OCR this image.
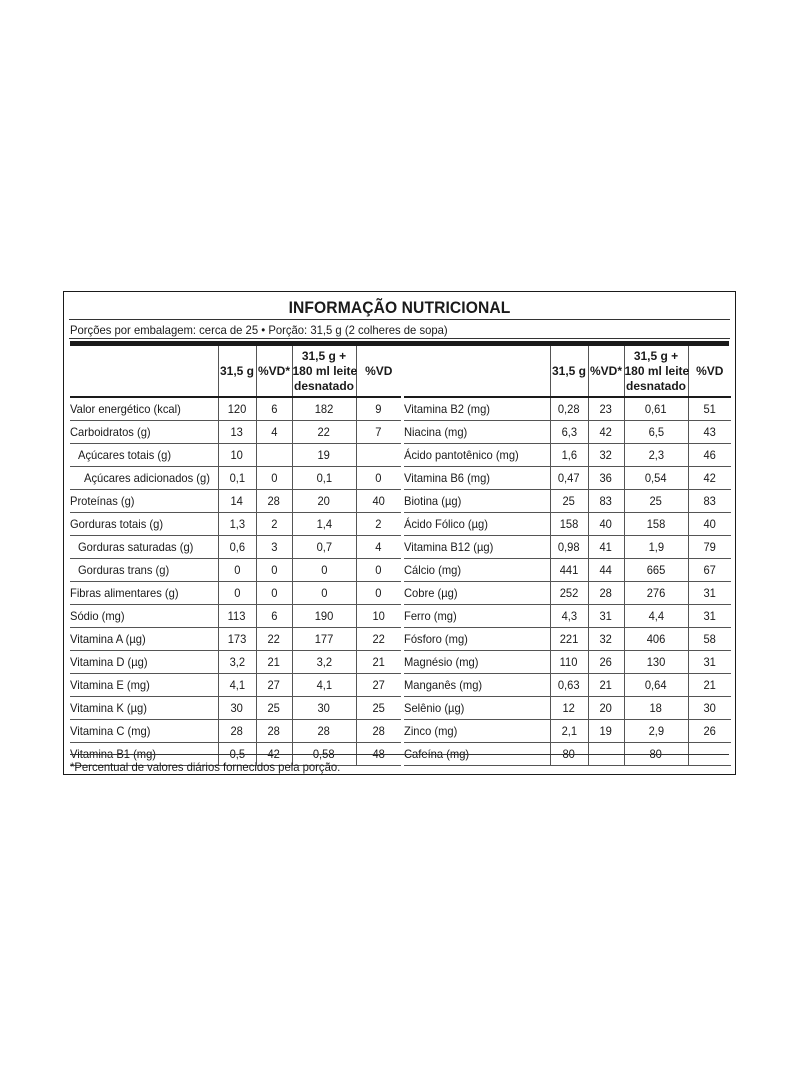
INFORMAÇÃO NUTRICIONAL
Porções por embalagem: cerca de 25 • Porção: 31,5 g (2 colheres de sopa)
	31,5 g	%VD*	31,5 g +
180 ml leite
desnatado	%VD
Valor energético (kcal)	120	6	182	9
Carboidratos (g)	13	4	22	7
Açúcares totais (g)	10		19	
Açúcares adicionados (g)	0,1	0	0,1	0
Proteínas (g)	14	28	20	40
Gorduras totais (g)	1,3	2	1,4	2
Gorduras saturadas (g)	0,6	3	0,7	4
Gorduras trans (g)	0	0	0	0
Fibras alimentares (g)	0	0	0	0
Sódio (mg)	113	6	190	10
Vitamina A (µg)	173	22	177	22
Vitamina D (µg)	3,2	21	3,2	21
Vitamina E (mg)	4,1	27	4,1	27
Vitamina K (µg)	30	25	30	25
Vitamina C (mg)	28	28	28	28
Vitamina B1 (mg)	0,5	42	0,58	48
	31,5 g	%VD*	31,5 g +
180 ml leite
desnatado	%VD
Vitamina B2 (mg)	0,28	23	0,61	51
Niacina (mg)	6,3	42	6,5	43
Ácido pantotênico (mg)	1,6	32	2,3	46
Vitamina B6 (mg)	0,47	36	0,54	42
Biotina (µg)	25	83	25	83
Ácido Fólico (µg)	158	40	158	40
Vitamina B12 (µg)	0,98	41	1,9	79
Cálcio (mg)	441	44	665	67
Cobre (µg)	252	28	276	31
Ferro (mg)	4,3	31	4,4	31
Fósforo (mg)	221	32	406	58
Magnésio (mg)	110	26	130	31
Manganês (mg)	0,63	21	0,64	21
Selênio (µg)	12	20	18	30
Zinco (mg)	2,1	19	2,9	26
Cafeína (mg)	80		80	
*Percentual de valores diários fornecidos pela porção.
